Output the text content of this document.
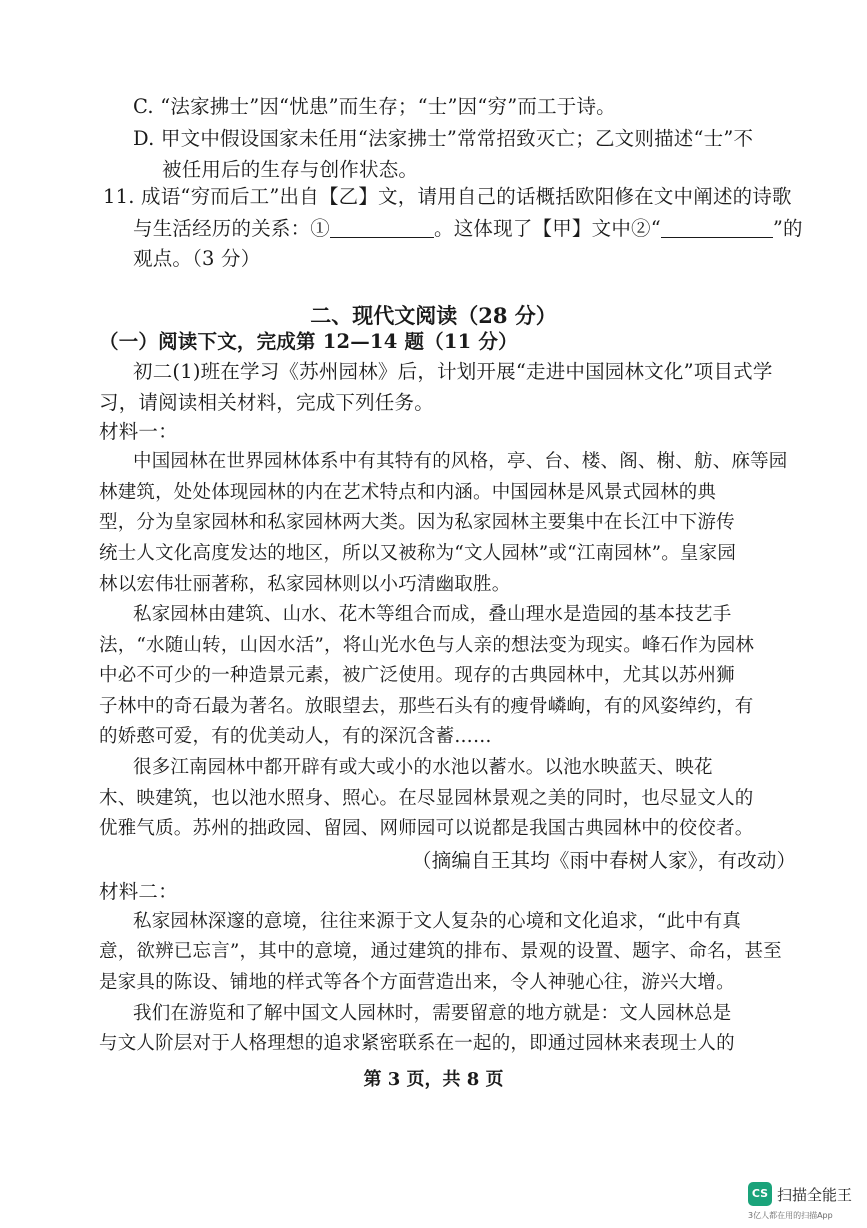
C. “法家拂士”因“忧患”而生存；“士”因“穷”而工于诗。
D. 甲文中假设国家未任用“法家拂士”常常招致灭亡；乙文则描述“士”不
被任用后的生存与创作状态。
11. 成语“穷而后工”出自【乙】文，请用自己的话概括欧阳修在文中阐述的诗歌
与生活经历的关系：①	。这体现了【甲】文中②“	”的
观点。（3 分）
二、现代文阅读（28 分）
（一）阅读下文，完成第 12—14 题（11 分）
初二(1)班在学习《苏州园林》后，计划开展“走进中国园林文化”项目式学
习，请阅读相关材料，完成下列任务。
材料一：
中国园林在世界园林体系中有其特有的风格，亭、台、楼、阁、榭、舫、庥等园
林建筑，处处体现园林的内在艺术特点和内涵。中国园林是风景式园林的典
型，分为皇家园林和私家园林两大类。因为私家园林主要集中在长江中下游传
统士人文化高度发达的地区，所以又被称为“文人园林”或“江南园林”。皇家园
林以宏伟壮丽著称，私家园林则以小巧清幽取胜。
私家园林由建筑、山水、花木等组合而成，叠山理水是造园的基本技艺手
法，“水随山转，山因水活”，将山光水色与人亲的想法变为现实。峰石作为园林
中必不可少的一种造景元素，被广泛使用。现存的古典园林中，尤其以苏州狮
子林中的奇石最为著名。放眼望去，那些石头有的瘦骨嶙峋，有的风姿绰约，有
的娇憨可爱，有的优美动人，有的深沉含蓄……
很多江南园林中都开辟有或大或小的水池以蓄水。以池水映蓝天、映花
木、映建筑，也以池水照身、照心。在尽显园林景观之美的同时，也尽显文人的
优雅气质。苏州的拙政园、留园、网师园可以说都是我国古典园林中的佼佼者。
（摘编自王其均《雨中春树人家》，有改动）
材料二：
私家园林深邃的意境，往往来源于文人复杂的心境和文化追求，“此中有真
意，欲辨已忘言”，其中的意境，通过建筑的排布、景观的设置、题字、命名，甚至
是家具的陈设、铺地的样式等各个方面营造出来，令人神驰心往，游兴大增。
我们在游览和了解中国文人园林时，需要留意的地方就是：文人园林总是
与文人阶层对于人格理想的追求紧密联系在一起的，即通过园林来表现士人的
第 3 页，共 8 页
CS 扫描全能王
3亿人都在用的扫描App
